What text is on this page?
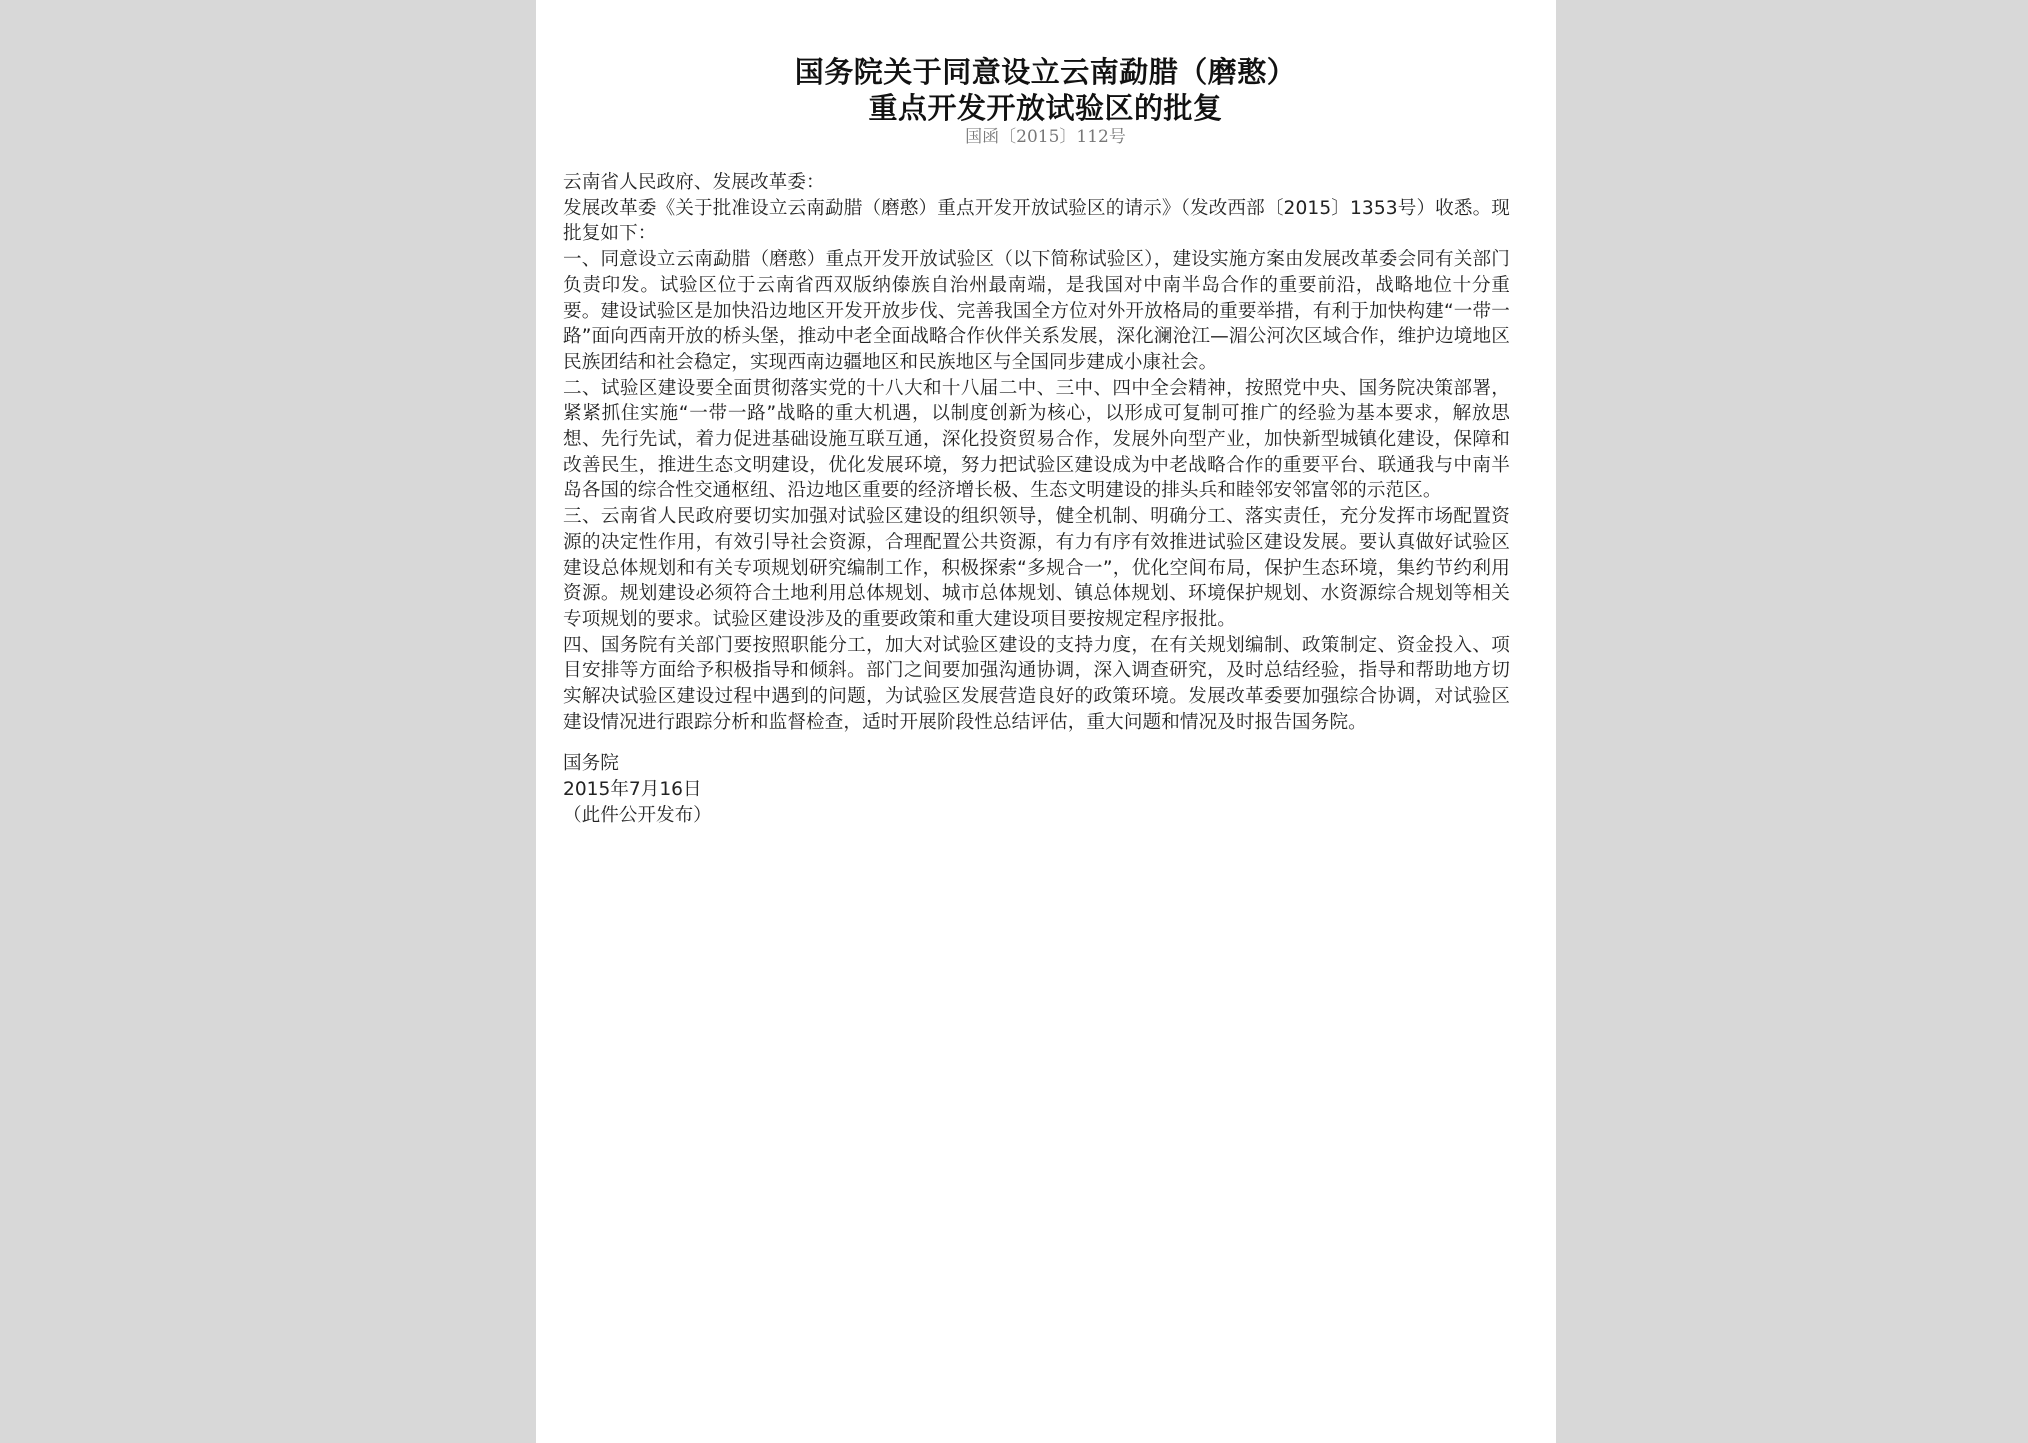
国务院关于同意设立云南勐腊（磨憨）
重点开发开放试验区的批复
国函〔2015〕112号

云南省人民政府、发展改革委：

发展改革委《关于批准设立云南勐腊（磨憨）重点开发开放试验区的请示》（发改西部〔2015〕1353号）收悉。现批复如下：

一、同意设立云南勐腊（磨憨）重点开发开放试验区（以下简称试验区），建设实施方案由发展改革委会同有关部门负责印发。试验区位于云南省西双版纳傣族自治州最南端，是我国对中南半岛合作的重要前沿，战略地位十分重要。建设试验区是加快沿边地区开发开放步伐、完善我国全方位对外开放格局的重要举措，有利于加快构建“一带一路”面向西南开放的桥头堡，推动中老全面战略合作伙伴关系发展，深化澜沧江—湄公河次区域合作，维护边境地区民族团结和社会稳定，实现西南边疆地区和民族地区与全国同步建成小康社会。

二、试验区建设要全面贯彻落实党的十八大和十八届二中、三中、四中全会精神，按照党中央、国务院决策部署，紧紧抓住实施“一带一路”战略的重大机遇，以制度创新为核心，以形成可复制可推广的经验为基本要求，解放思想、先行先试，着力促进基础设施互联互通，深化投资贸易合作，发展外向型产业，加快新型城镇化建设，保障和改善民生，推进生态文明建设，优化发展环境，努力把试验区建设成为中老战略合作的重要平台、联通我与中南半岛各国的综合性交通枢纽、沿边地区重要的经济增长极、生态文明建设的排头兵和睦邻安邻富邻的示范区。

三、云南省人民政府要切实加强对试验区建设的组织领导，健全机制、明确分工、落实责任，充分发挥市场配置资源的决定性作用，有效引导社会资源，合理配置公共资源，有力有序有效推进试验区建设发展。要认真做好试验区建设总体规划和有关专项规划研究编制工作，积极探索“多规合一”，优化空间布局，保护生态环境，集约节约利用资源。规划建设必须符合土地利用总体规划、城市总体规划、镇总体规划、环境保护规划、水资源综合规划等相关专项规划的要求。试验区建设涉及的重要政策和重大建设项目要按规定程序报批。

四、国务院有关部门要按照职能分工，加大对试验区建设的支持力度，在有关规划编制、政策制定、资金投入、项目安排等方面给予积极指导和倾斜。部门之间要加强沟通协调，深入调查研究，及时总结经验，指导和帮助地方切实解决试验区建设过程中遇到的问题，为试验区发展营造良好的政策环境。发展改革委要加强综合协调，对试验区建设情况进行跟踪分析和监督检查，适时开展阶段性总结评估，重大问题和情况及时报告国务院。

国务院
2015年7月16日
（此件公开发布）
